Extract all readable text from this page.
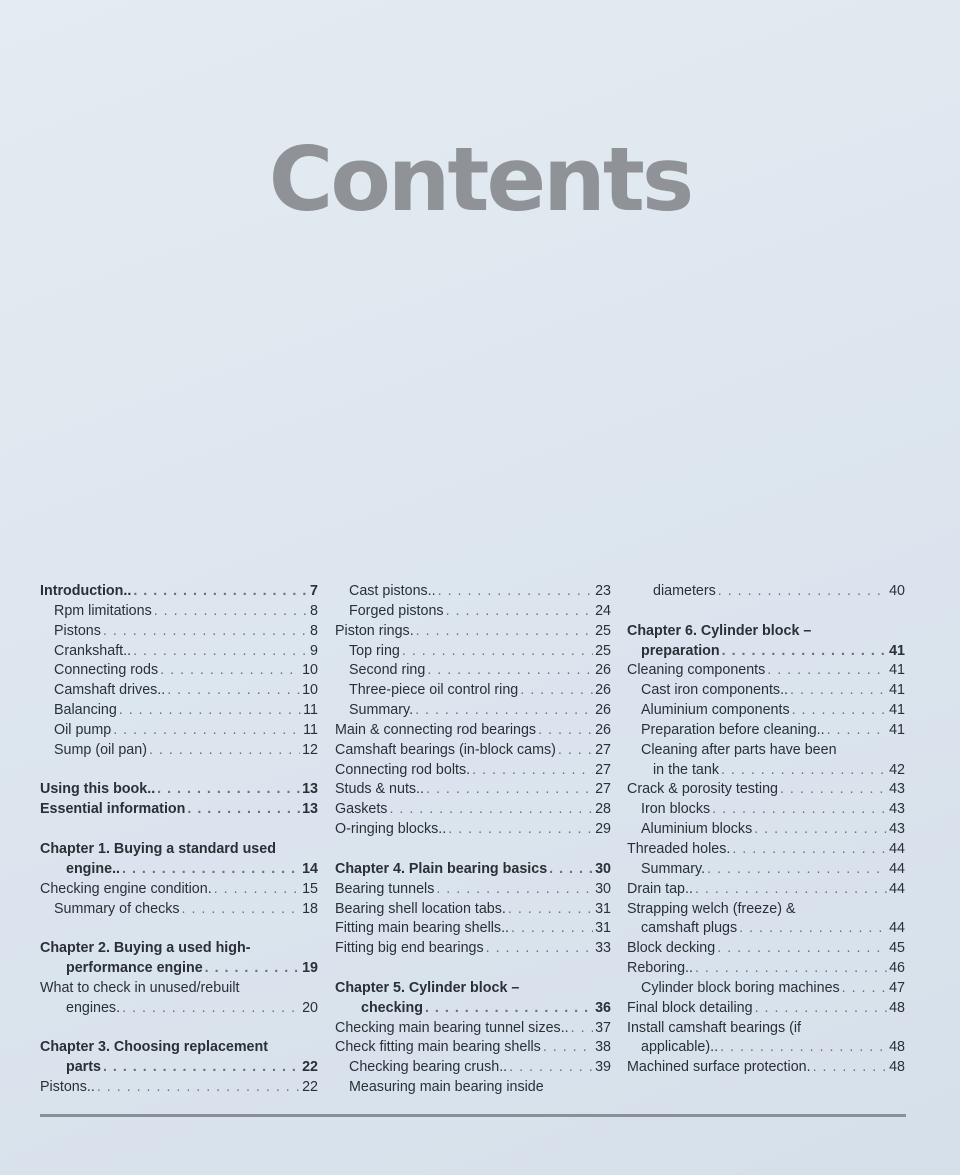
Contents
Introduction.. . . .	7
Rpm limitations . . .	8
Pistons . . .	8
Crankshaft.. . . .	9
Connecting rods . . .	10
Camshaft drives.. . . .	10
Balancing . . .	11
Oil pump . . .	11
Sump (oil pan) . . .	12
Using this book.. . . .	13
Essential information . . .	13
Chapter 1. Buying a standard used
engine.. . . .	14
Checking engine condition. . . .	15
Summary of checks . . .	18
Chapter 2. Buying a used high-
performance engine . . .	19
What to check in unused/rebuilt
engines. . . .	20
Chapter 3. Choosing replacement
parts . . .	22
Pistons.. . . .	22
Cast pistons.. . . .	23
Forged pistons . . .	24
Piston rings. . . .	25
Top ring . . .	25
Second ring . . .	26
Three-piece oil control ring . . .	26
Summary. . . .	26
Main & connecting rod bearings . . .	26
Camshaft bearings (in-block cams) . . .	27
Connecting rod bolts. . . .	27
Studs & nuts.. . . .	27
Gaskets . . .	28
O-ringing blocks.. . . .	29
Chapter 4. Plain bearing basics . . .	30
Bearing tunnels . . .	30
Bearing shell location tabs. . . .	31
Fitting main bearing shells.. . . .	31
Fitting big end bearings . . .	33
Chapter 5. Cylinder block –
checking . . .	36
Checking main bearing tunnel sizes.. . . . 37
Check fitting main bearing shells . . .	38
Checking bearing crush.. . . .	39
Measuring main bearing inside
diameters . . .	40
Chapter 6. Cylinder block –
preparation . . .	41
Cleaning components . . .	41
Cast iron components.. . . .	41
Aluminium components . . .	41
Preparation before cleaning.. . . .	41
Cleaning after parts have been
in the tank . . .	42
Crack & porosity testing . . .	43
Iron blocks . . .	43
Aluminium blocks . . .	43
Threaded holes. . . .	44
Summary. . . .	44
Drain tap.. . . .	44
Strapping welch (freeze) &
camshaft plugs . . .	44
Block decking . . .	45
Reboring.. . . .	46
Cylinder block boring machines . . .	47
Final block detailing . . .	48
Install camshaft bearings (if
applicable).. . . .	48
Machined surface protection. . . .	48
